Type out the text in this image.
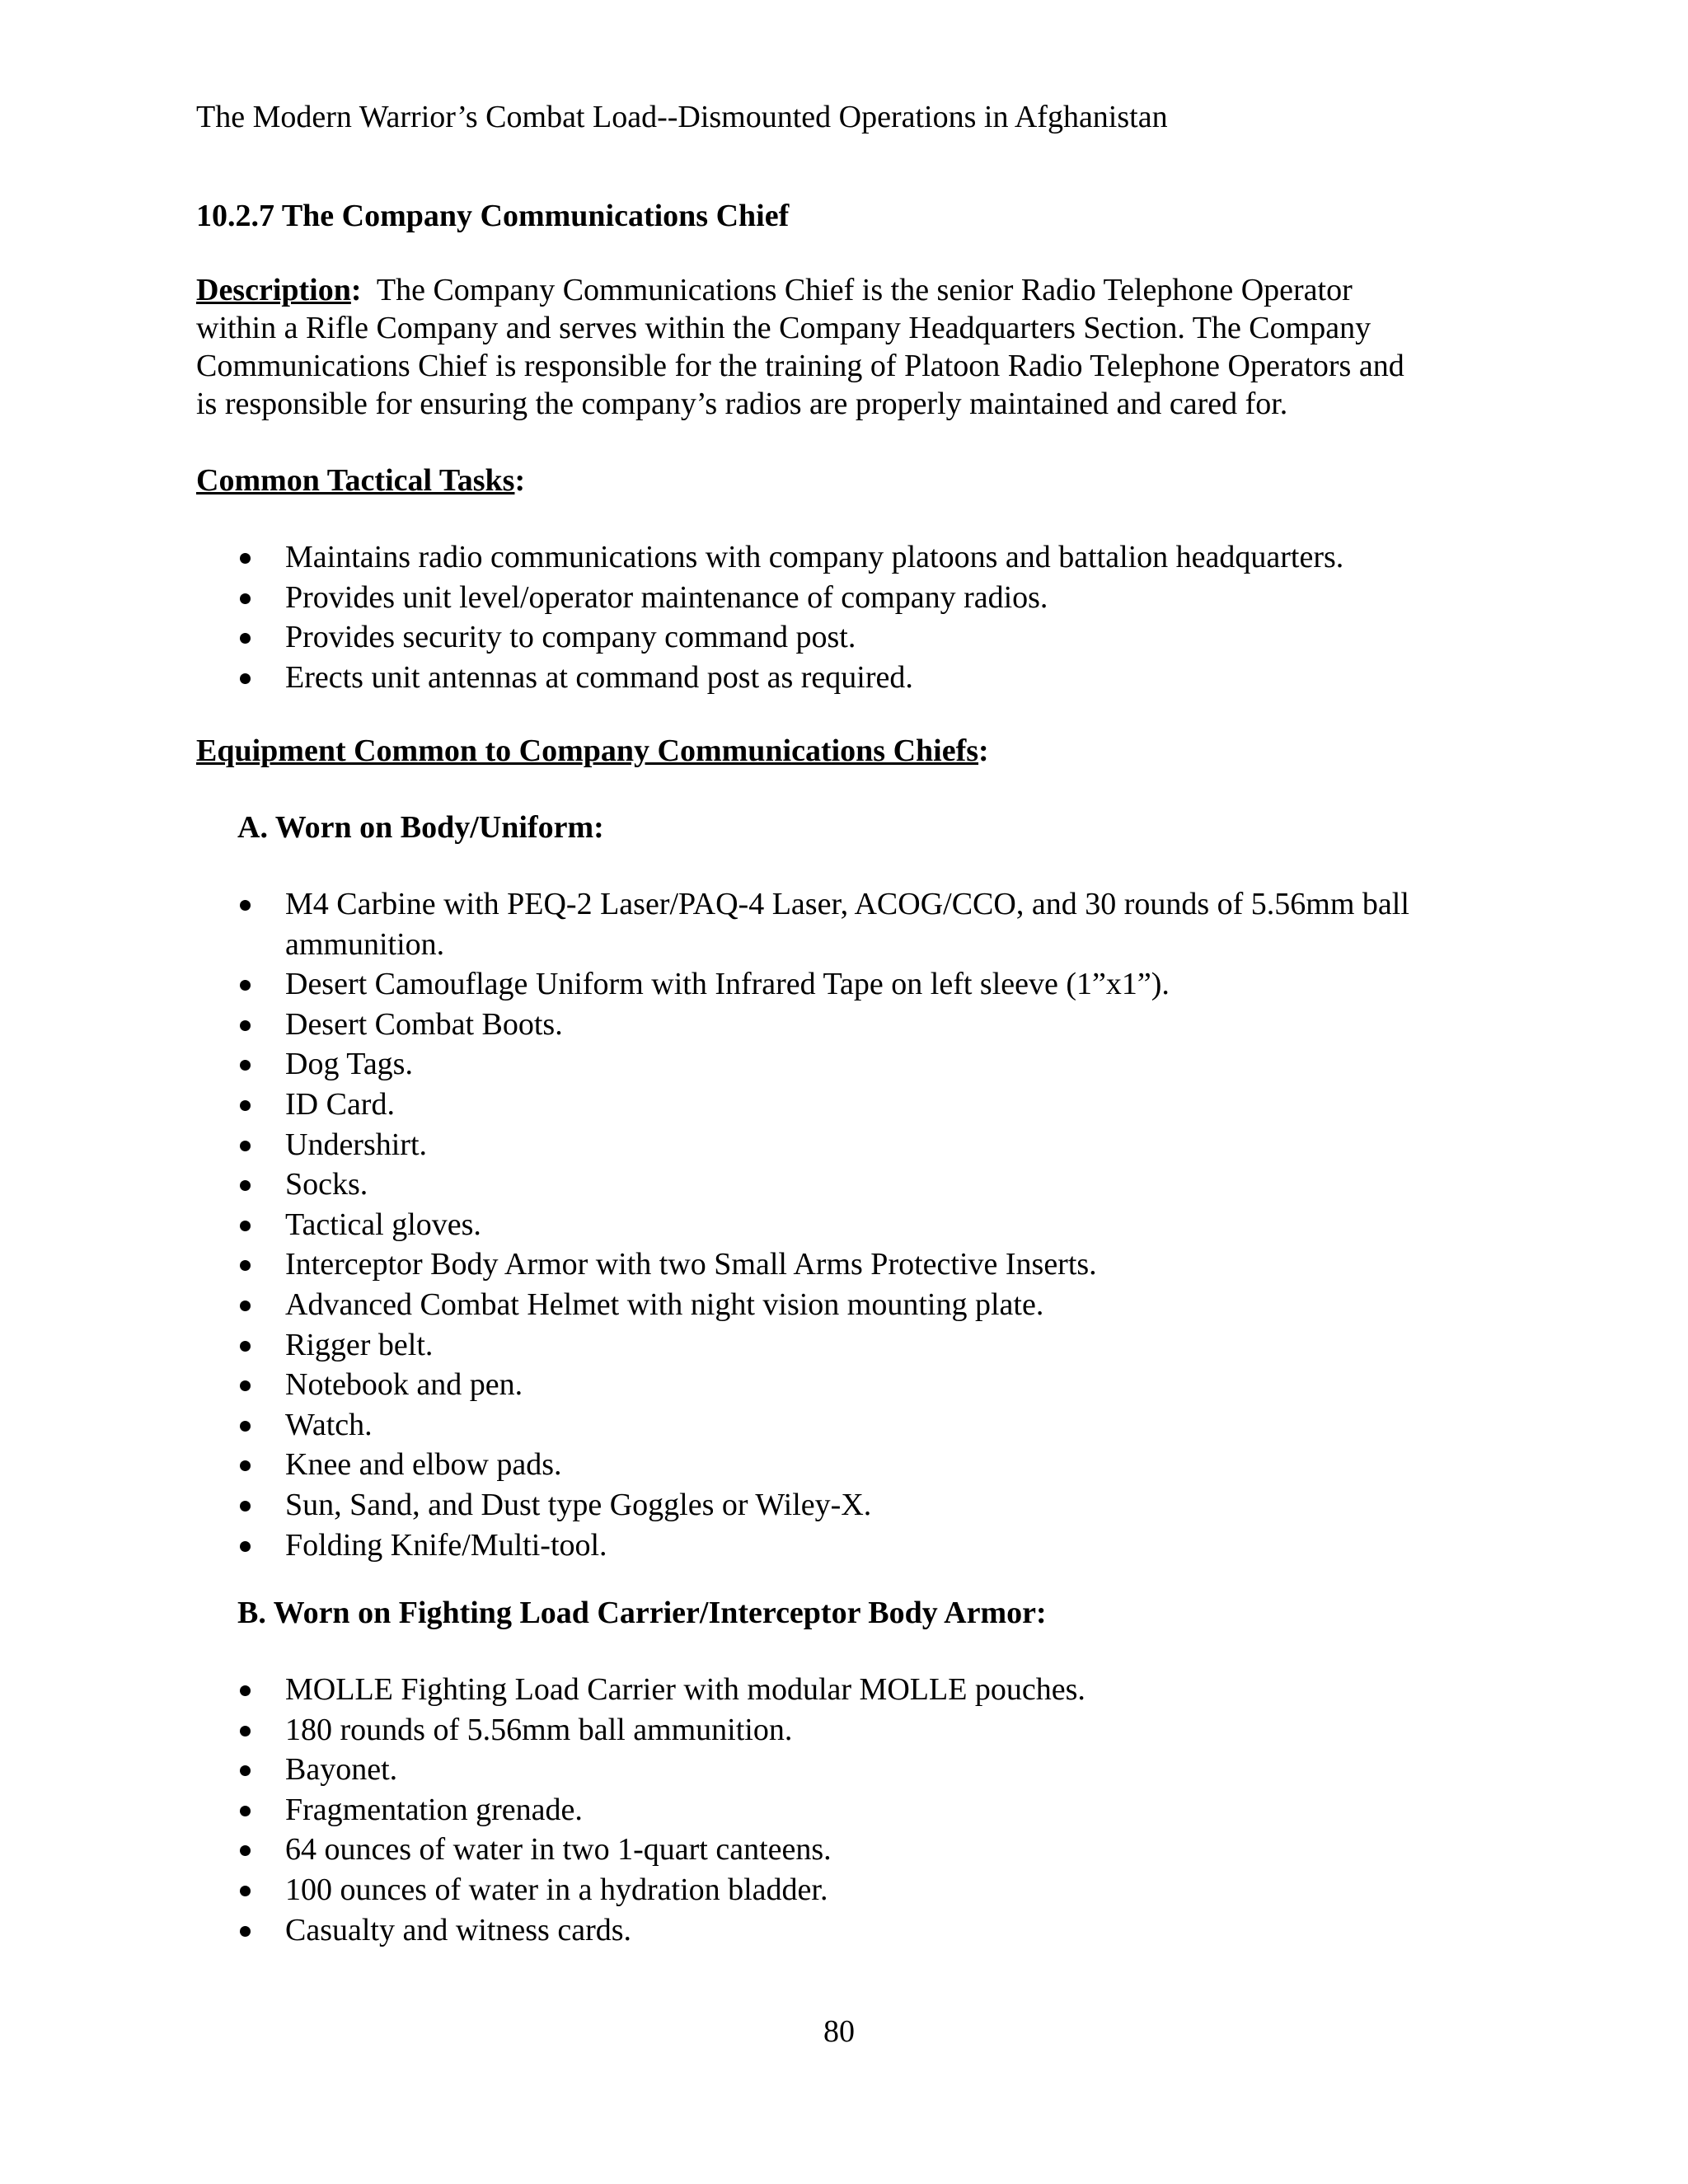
The Modern Warrior’s Combat Load--Dismounted Operations in Afghanistan
10.2.7 The Company Communications Chief

Description: The Company Communications Chief is the senior Radio Telephone Operator
within a Rifle Company and serves within the Company Headquarters Section. The Company
Communications Chief is responsible for the training of Platoon Radio Telephone Operators and
is responsible for ensuring the company’s radios are properly maintained and cared for.

Common Tactical Tasks:
Maintains radio communications with company platoons and battalion headquarters.
Provides unit level/operator maintenance of company radios.
Provides security to company command post.
Erects unit antennas at command post as required.
Equipment Common to Company Communications Chiefs:
A. Worn on Body/Uniform:
M4 Carbine with PEQ-2 Laser/PAQ-4 Laser, ACOG/CCO, and 30 rounds of 5.56mm ball
ammunition.
Desert Camouflage Uniform with Infrared Tape on left sleeve (1”x1”).
Desert Combat Boots.
Dog Tags.
ID Card.
Undershirt.
Socks.
Tactical gloves.
Interceptor Body Armor with two Small Arms Protective Inserts.
Advanced Combat Helmet with night vision mounting plate.
Rigger belt.
Notebook and pen.
Watch.
Knee and elbow pads.
Sun, Sand, and Dust type Goggles or Wiley-X.
Folding Knife/Multi-tool.
B. Worn on Fighting Load Carrier/Interceptor Body Armor:
MOLLE Fighting Load Carrier with modular MOLLE pouches.
180 rounds of 5.56mm ball ammunition.
Bayonet.
Fragmentation grenade.
64 ounces of water in two 1-quart canteens.
100 ounces of water in a hydration bladder.
Casualty and witness cards.
80
